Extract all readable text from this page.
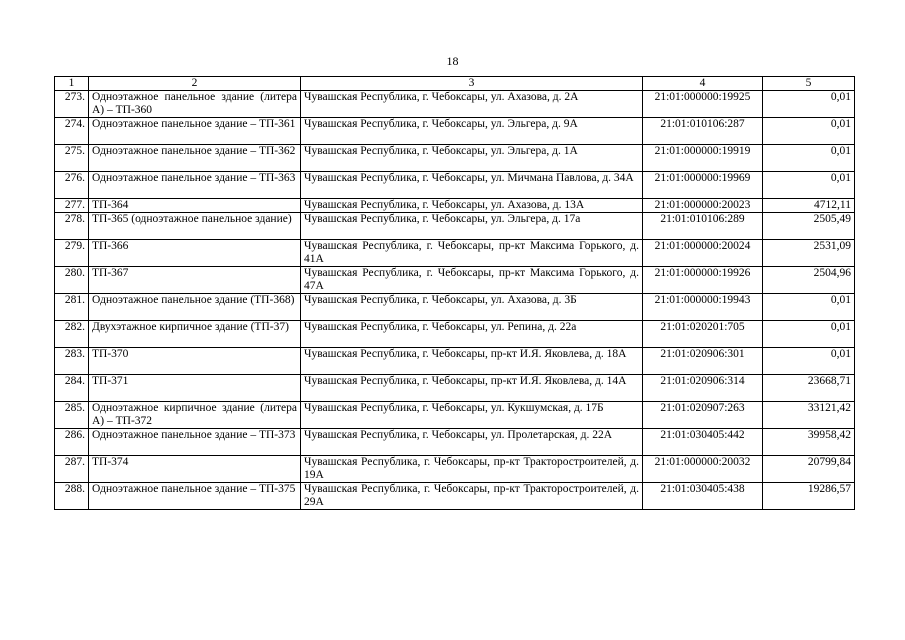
18
1	2	3	4	5
273.	Одноэтажное панельное здание (литера А) – ТП-360	Чувашская Республика, г. Чебоксары, ул. Ахазова, д. 2А	21:01:000000:19925	0,01
274.	Одноэтажное панельное здание – ТП-361	Чувашская Республика, г. Чебоксары, ул. Эльгера, д. 9А	21:01:010106:287	0,01
275.	Одноэтажное панельное здание – ТП-362	Чувашская Республика, г. Чебоксары, ул. Эльгера, д. 1А	21:01:000000:19919	0,01
276.	Одноэтажное панельное здание – ТП-363	Чувашская Республика, г. Чебоксары, ул. Мичмана Павлова, д. 34А	21:01:000000:19969	0,01
277.	ТП-364	Чувашская Республика, г. Чебоксары, ул. Ахазова, д. 13А	21:01:000000:20023	4712,11
278.	ТП-365 (одноэтажное панельное здание)	Чувашская Республика, г. Чебоксары, ул. Эльгера, д. 17а	21:01:010106:289	2505,49
279.	ТП-366	Чувашская Республика, г. Чебоксары, пр-кт Максима Горького, д. 41А	21:01:000000:20024	2531,09
280.	ТП-367	Чувашская Республика, г. Чебоксары, пр-кт Максима Горького, д. 47А	21:01:000000:19926	2504,96
281.	Одноэтажное панельное здание (ТП-368)	Чувашская Республика, г. Чебоксары, ул. Ахазова, д. 3Б	21:01:000000:19943	0,01
282.	Двухэтажное кирпичное здание (ТП-37)	Чувашская Республика, г. Чебоксары, ул. Репина, д. 22а	21:01:020201:705	0,01
283.	ТП-370	Чувашская Республика, г. Чебоксары, пр-кт И.Я. Яковлева, д. 18А	21:01:020906:301	0,01
284.	ТП-371	Чувашская Республика, г. Чебоксары, пр-кт И.Я. Яковлева, д. 14А	21:01:020906:314	23668,71
285.	Одноэтажное кирпичное здание (литера А) – ТП-372	Чувашская Республика, г. Чебоксары, ул. Кукшумская, д. 17Б	21:01:020907:263	33121,42
286.	Одноэтажное панельное здание – ТП-373	Чувашская Республика, г. Чебоксары, ул. Пролетарская, д. 22А	21:01:030405:442	39958,42
287.	ТП-374	Чувашская Республика, г. Чебоксары, пр-кт Тракторостроителей, д. 19А	21:01:000000:20032	20799,84
288.	Одноэтажное панельное здание – ТП-375	Чувашская Республика, г. Чебоксары, пр-кт Тракторостроителей, д. 29А	21:01:030405:438	19286,57
